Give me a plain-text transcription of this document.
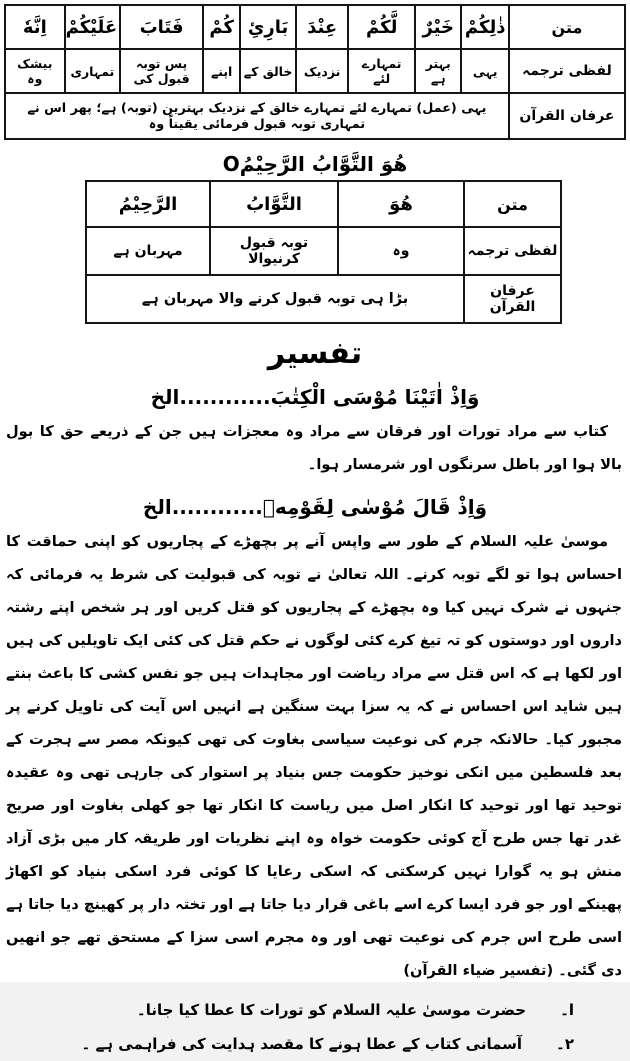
متن	ذٰلِكُمْ	خَيْرٌ	لَّكُمْ	عِنْدَ	بَارِئِ	كُمْ	فَتَابَ	عَلَيْكُمْ	اِنَّهٗ
لفظی ترجمہ	یہی	بہتر ہے	تمہارے لئے	نزدیک	خالق کے	اپنے	پس توبہ قبول کی	تمہاری	بیشک وہ
عرفان القرآن	یہی (عمل) تمہارے لئے تمہارے خالق کے نزدیک بہترین (توبہ) ہے؛ پھر اس نے تمہاری توبہ قبول فرمائی یقیناً وہ								
هُوَ التَّوَّابُ الرَّحِيْمُO
متن	هُوَ	التَّوَّابُ	الرَّحِيْمُ
لفظی ترجمہ	وہ	توبہ قبول کرنیوالا	مہربان ہے
عرفان القرآن	بڑا ہی توبہ قبول کرنے والا مہربان ہے		
تفسیر
وَاِذْ اٰتَيْنَا مُوْسَى الْكِتٰبَ............الخ

کتاب سے مراد تورات اور فرقان سے مراد وہ معجزات ہیں جن کے ذریعے حق کا بول بالا ہوا اور باطل سرنگوں اور شرمسار ہوا۔

وَاِذْ قَالَ مُوْسٰی لِقَوْمِهٖ............الخ

موسیٰ علیہ السلام کے طور سے واپس آنے پر بچھڑے کے پجاریوں کو اپنی حماقت کا احساس ہوا تو لگے توبہ کرنے۔ اللہ تعالیٰ نے توبہ کی قبولیت کی شرط یہ فرمائی کہ جنہوں نے شرک نہیں کیا وہ بچھڑے کے پجاریوں کو قتل کریں اور ہر شخص اپنے رشتہ داروں اور دوستوں کو تہ تیغ کرے کئی لوگوں نے حکم قتل کی کئی ایک تاویلیں کی ہیں اور لکھا ہے کہ اس قتل سے مراد ریاضت اور مجاہدات ہیں جو نفس کشی کا باعث بنتے ہیں شاید اس احساس نے کہ یہ سزا بہت سنگین ہے انہیں اس آیت کی تاویل کرنے پر مجبور کیا۔ حالانکہ جرم کی نوعیت سیاسی بغاوت کی تھی کیونکہ مصر سے ہجرت کے بعد فلسطین میں انکی نوخیز حکومت جس بنیاد پر استوار کی جارہی تھی وہ عقیدہ توحید تھا اور توحید کا انکار اصل میں ریاست کا انکار تھا جو کھلی بغاوت اور صریح غدر تھا جس طرح آج کوئی حکومت خواہ وہ اپنے نظریات اور طریقہ کار میں بڑی آزاد منش ہو یہ گوارا نہیں کرسکتی کہ اسکی رعایا کا کوئی فرد اسکی بنیاد کو اکھاڑ پھینکے اور جو فرد ایسا کرے اسے باغی قرار دیا جاتا ہے اور تختہ دار پر کھینچ دیا جاتا ہے اسی طرح اس جرم کی نوعیت تھی اور وہ مجرم اسی سزا کے مستحق تھے جو انھیں دی گئی۔ (تفسیر ضیاء القرآن)

ا۔
حضرت موسیٰ علیہ السلام کو تورات کا عطا کیا جانا۔
۲۔
آسمانی کتاب کے عطا ہونے کا مقصد ہدایت کی فراہمی ہے ۔
